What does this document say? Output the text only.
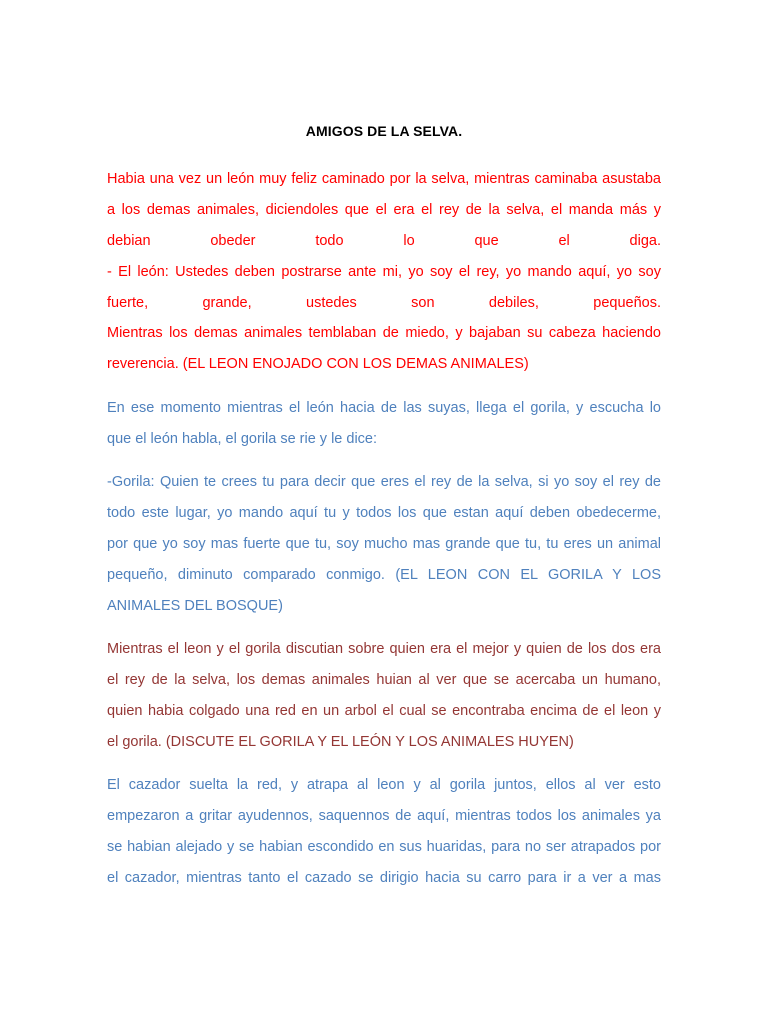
AMIGOS DE LA SELVA.
Habia una vez un león muy feliz caminado por la selva, mientras caminaba asustaba
a los demas animales, diciendoles que el era el rey de la selva, el manda más y
debian obeder todo lo que el diga.
- El león: Ustedes deben postrarse ante mi, yo soy el rey, yo mando aquí, yo soy
fuerte, grande, ustedes son debiles, pequeños.
Mientras los demas animales temblaban de miedo, y bajaban su cabeza haciendo
reverencia. (EL LEON ENOJADO CON LOS DEMAS ANIMALES)
En ese momento mientras el león hacia de las suyas, llega el gorila, y escucha lo
que el león habla, el gorila se rie y le dice:
-Gorila: Quien te crees tu para decir que eres el rey de la selva, si yo soy el rey de
todo este lugar, yo mando aquí tu y todos los que estan aquí deben obedecerme,
por que yo soy mas fuerte que tu, soy mucho mas grande que tu, tu eres un animal
pequeño, diminuto comparado conmigo. (EL LEON CON EL GORILA Y LOS
ANIMALES DEL BOSQUE)
Mientras el leon y el gorila discutian sobre quien era el mejor y quien de los dos era
el rey de la selva, los demas animales huian al ver que se acercaba un humano,
quien habia colgado una red en un arbol el cual se encontraba encima de el leon y
el gorila. (DISCUTE EL GORILA Y EL LEÓN Y LOS ANIMALES HUYEN)
El cazador suelta la red, y atrapa al leon y al gorila juntos, ellos al ver esto
empezaron a gritar ayudennos, saquennos de aquí, mientras todos los animales ya
se habian alejado y se habian escondido en sus huaridas, para no ser atrapados por
el cazador, mientras tanto el cazado se dirigio hacia su carro para ir a ver a mas
